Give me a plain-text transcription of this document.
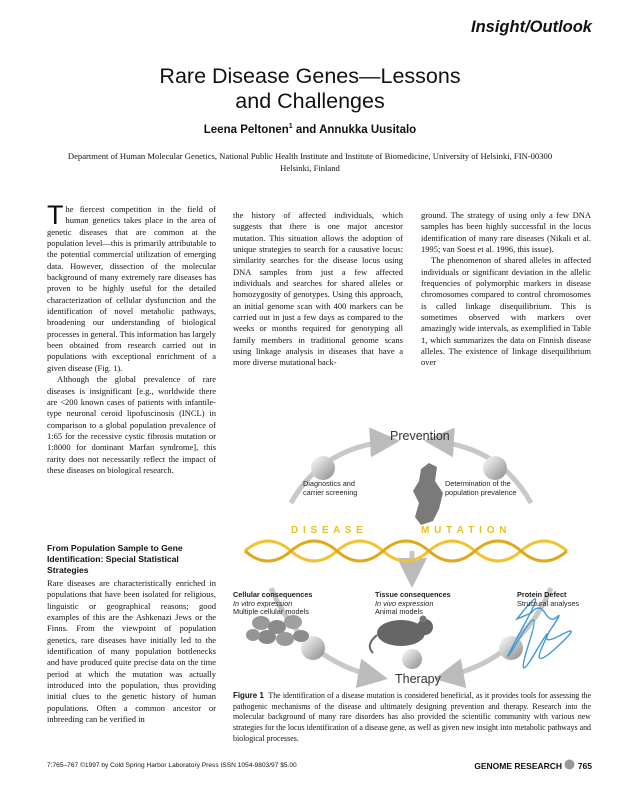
Insight/Outlook
Rare Disease Genes—Lessons
and Challenges
Leena Peltonen$^1$ and Annukka Uusitalo
Department of Human Molecular Genetics, National Public Health Institute and Institute of Biomedicine, University of Helsinki, FIN-00300 Helsinki, Finland

The fiercest competition in the field of human genetics takes place in the area of genetic diseases that are common at the population level—this is primarily attributable to the potential commercial utilization of emerging data. However, dissection of the molecular background of many extremely rare diseases has proven to be highly useful for the detailed characterization of cellular dysfunction and the identification of novel metabolic pathways, broadening our understanding of biological processes in general. This information has largely been obtained from research carried out in populations with exceptional enrichment of a given disease (Fig. 1).

Although the global prevalence of rare diseases is insignificant [e.g., worldwide there are <200 known cases of patients with infantile-type neuronal ceroid lipofuscinosis (INCL) in comparison to a global population prevalence of 1:65 for the recessive cystic fibrosis mutation or 1:8000 for dominant Marfan syndrome], this rarity does not necessarily reflect the impact of these diseases on biological research.

From Population Sample to Gene Identification: Special Statistical Strategies

Rare diseases are characteristically enriched in populations that have been isolated for religious, linguistic or geographical reasons; good examples of this are the Ashkenazi Jews or the Finns. From the viewpoint of population genetics, rare diseases have initially led to the identification of many population bottlenecks and have produced quite precise data on the time period at which the mutation was actually introduced into the population, thus providing initial clues to the genetic history of human populations. Often a common ancestor or inbreeding can be verified in

the history of affected individuals, which suggests that there is one major ancestor mutation. This situation allows the adoption of unique strategies to search for a causative locus: similarity searches for the disease locus using DNA samples from just a few affected individuals and searches for shared alleles or homozygosity of genotypes. Using this approach, an initial genome scan with 400 markers can be carried out in just a few days as compared to the weeks or months required for genotyping all family members in traditional genome scans using linkage analysis in diseases that have a more diverse mutational back-

ground. The strategy of using only a few DNA samples has been highly successful in the locus identification of many rare diseases (Nikali et al. 1995; van Soest et al. 1996, this issue).

The phenomenon of shared alleles in affected individuals or significant deviation in the allelic frequencies of polymorphic markers in disease chromosomes compared to control chromosomes is called linkage disequilibrium. This is sometimes observed with markers over amazingly wide intervals, as exemplified in Table 1, which summarizes the data on Finnish disease alleles. The existence of linkage disequilibrium over

Prevention
Diagnostics and
carrier screening
Determination of the
population prevalence
D I S E A S E	M U T A T I O N
Cellular consequences
In vitro expression
Multiple cellular models
Tissue consequences
In vivo expression
Animal models
Protein Defect
Structural analyses
Therapy
Figure 1 The identification of a disease mutation is considered beneficial, as it provides tools for assessing the pathogenic mechanisms of the disease and ultimately designing prevention and therapy. Research into the molecular background of many rare disorders has also provided the scientific community with various new strategies for the locus identification of a disease gene, as well as given new insight into metabolic pathways and biological processes.
7:765–767 ©1997 by Cold Spring Harbor Laboratory Press ISSN 1054-9803/97 $5.00	GENOME RESEARCH 765
